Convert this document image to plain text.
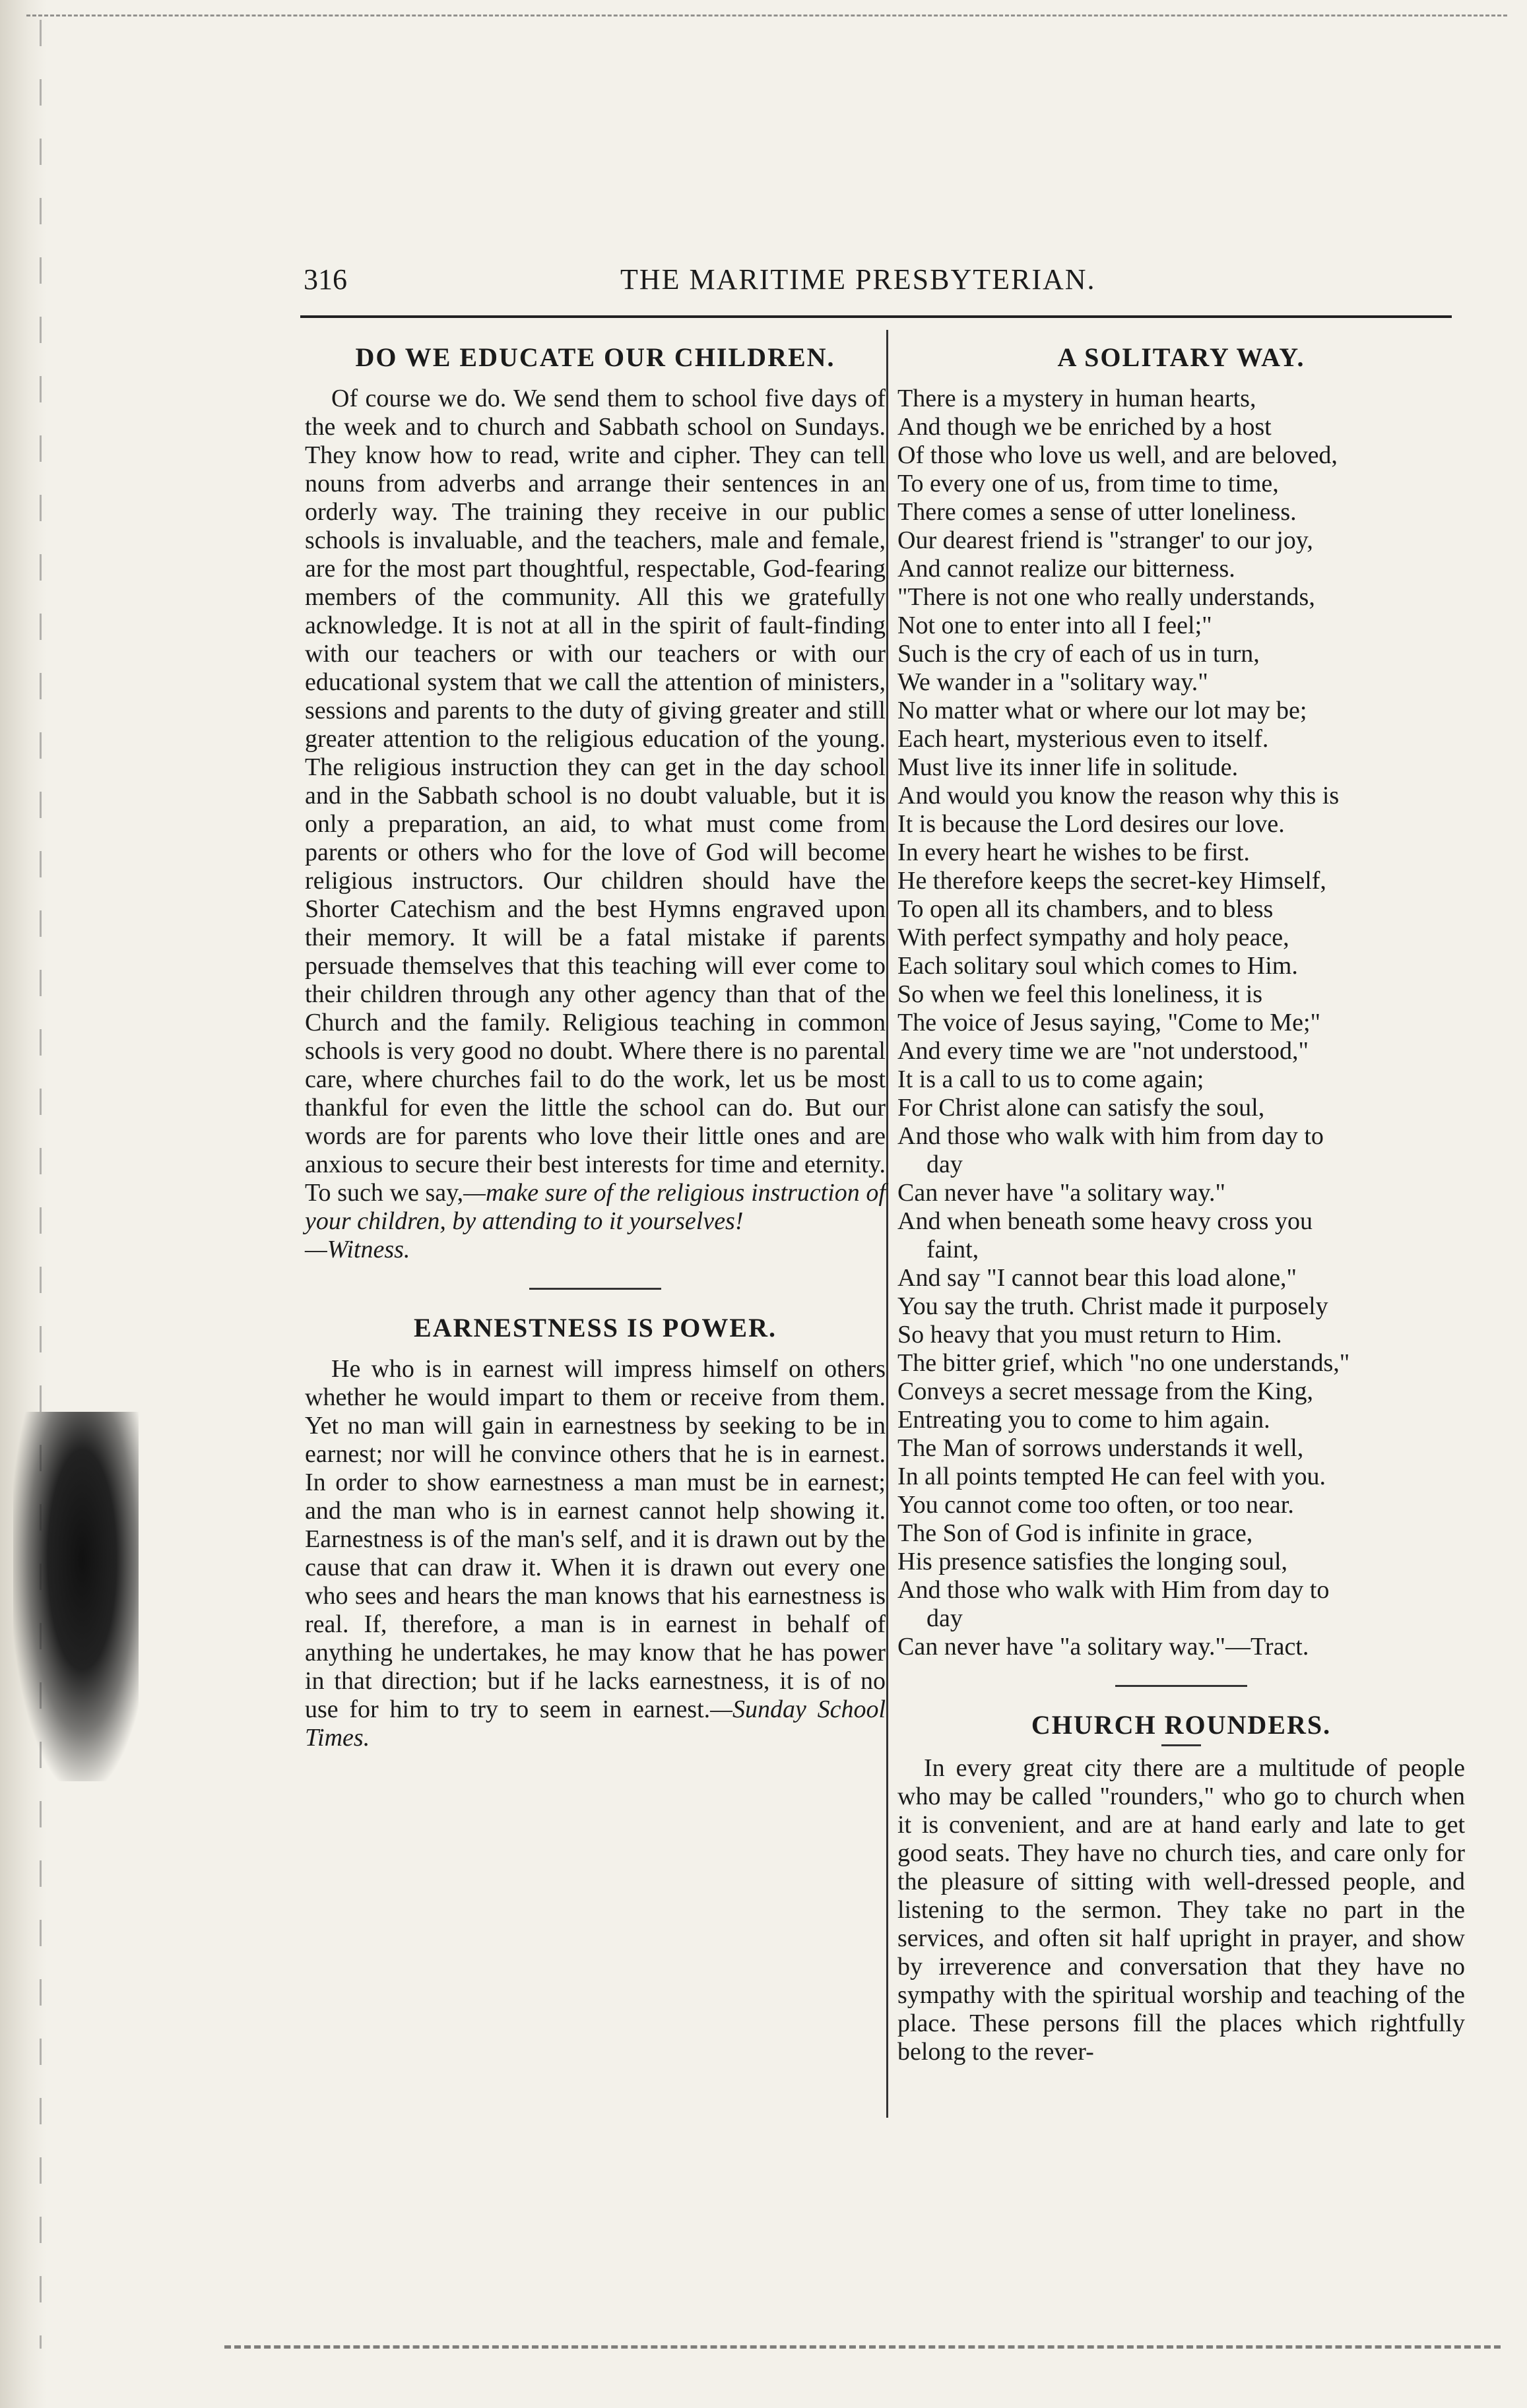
316	THE MARITIME PRESBYTERIAN.
DO WE EDUCATE OUR CHILDREN.

Of course we do. We send them to school five days of the week and to church and Sabbath school on Sundays. They know how to read, write and cipher. They can tell nouns from adverbs and arrange their sentences in an orderly way. The training they receive in our public schools is invaluable, and the teachers, male and female, are for the most part thoughtful, respectable, God-fearing members of the community. All this we gratefully acknowledge. It is not at all in the spirit of fault-finding with our teachers or with our teachers or with our educational system that we call the attention of ministers, sessions and parents to the duty of giving greater and still greater attention to the religious education of the young. The religious instruction they can get in the day school and in the Sabbath school is no doubt valuable, but it is only a preparation, an aid, to what must come from parents or others who for the love of God will become religious instructors. Our children should have the Shorter Catechism and the best Hymns engraved upon their memory. It will be a fatal mistake if parents persuade themselves that this teaching will ever come to their children through any other agency than that of the Church and the family. Religious teaching in common schools is very good no doubt. Where there is no parental care, where churches fail to do the work, let us be most thankful for even the little the school can do. But our words are for parents who love their little ones and are anxious to secure their best interests for time and eternity. To such we say,—make sure of the religious instruction of your children, by attending to it yourselves!
—Witness.

EARNESTNESS IS POWER.

He who is in earnest will impress himself on others whether he would impart to them or receive from them. Yet no man will gain in earnestness by seeking to be in earnest; nor will he convince others that he is in earnest. In order to show earnestness a man must be in earnest; and the man who is in earnest cannot help showing it. Earnestness is of the man's self, and it is drawn out by the cause that can draw it. When it is drawn out every one who sees and hears the man knows that his earnestness is real. If, therefore, a man is in earnest in behalf of anything he undertakes, he may know that he has power in that direction; but if he lacks earnestness, it is of no use for him to try to seem in earnest.—Sunday School Times.

A SOLITARY WAY.
There is a mystery in human hearts,
And though we be enriched by a host
Of those who love us well, and are beloved,
To every one of us, from time to time,
There comes a sense of utter loneliness.
Our dearest friend is "stranger' to our joy,
And cannot realize our bitterness.
"There is not one who really understands,
Not one to enter into all I feel;"
Such is the cry of each of us in turn,
We wander in a "solitary way."
No matter what or where our lot may be;
Each heart, mysterious even to itself.
Must live its inner life in solitude.
And would you know the reason why this is
It is because the Lord desires our love.
In every heart he wishes to be first.
He therefore keeps the secret-key Himself,
To open all its chambers, and to bless
With perfect sympathy and holy peace,
Each solitary soul which comes to Him.
So when we feel this loneliness, it is
The voice of Jesus saying, "Come to Me;"
And every time we are "not understood,"
It is a call to us to come again;
For Christ alone can satisfy the soul,
And those who walk with him from day to
day
Can never have "a solitary way."
And when beneath some heavy cross you
faint,
And say "I cannot bear this load alone,"
You say the truth. Christ made it purposely
So heavy that you must return to Him.
The bitter grief, which "no one understands,"
Conveys a secret message from the King,
Entreating you to come to him again.
The Man of sorrows understands it well,
In all points tempted He can feel with you.
You cannot come too often, or too near.
The Son of God is infinite in grace,
His presence satisfies the longing soul,
And those who walk with Him from day to
day
Can never have "a solitary way."—Tract.
CHURCH ROUNDERS.

In every great city there are a multitude of people who may be called "rounders," who go to church when it is convenient, and are at hand early and late to get good seats. They have no church ties, and care only for the pleasure of sitting with well-dressed people, and listening to the sermon. They take no part in the services, and often sit half upright in prayer, and show by irreverence and conversation that they have no sympathy with the spiritual worship and teaching of the place. These persons fill the places which rightfully belong to the rever-
